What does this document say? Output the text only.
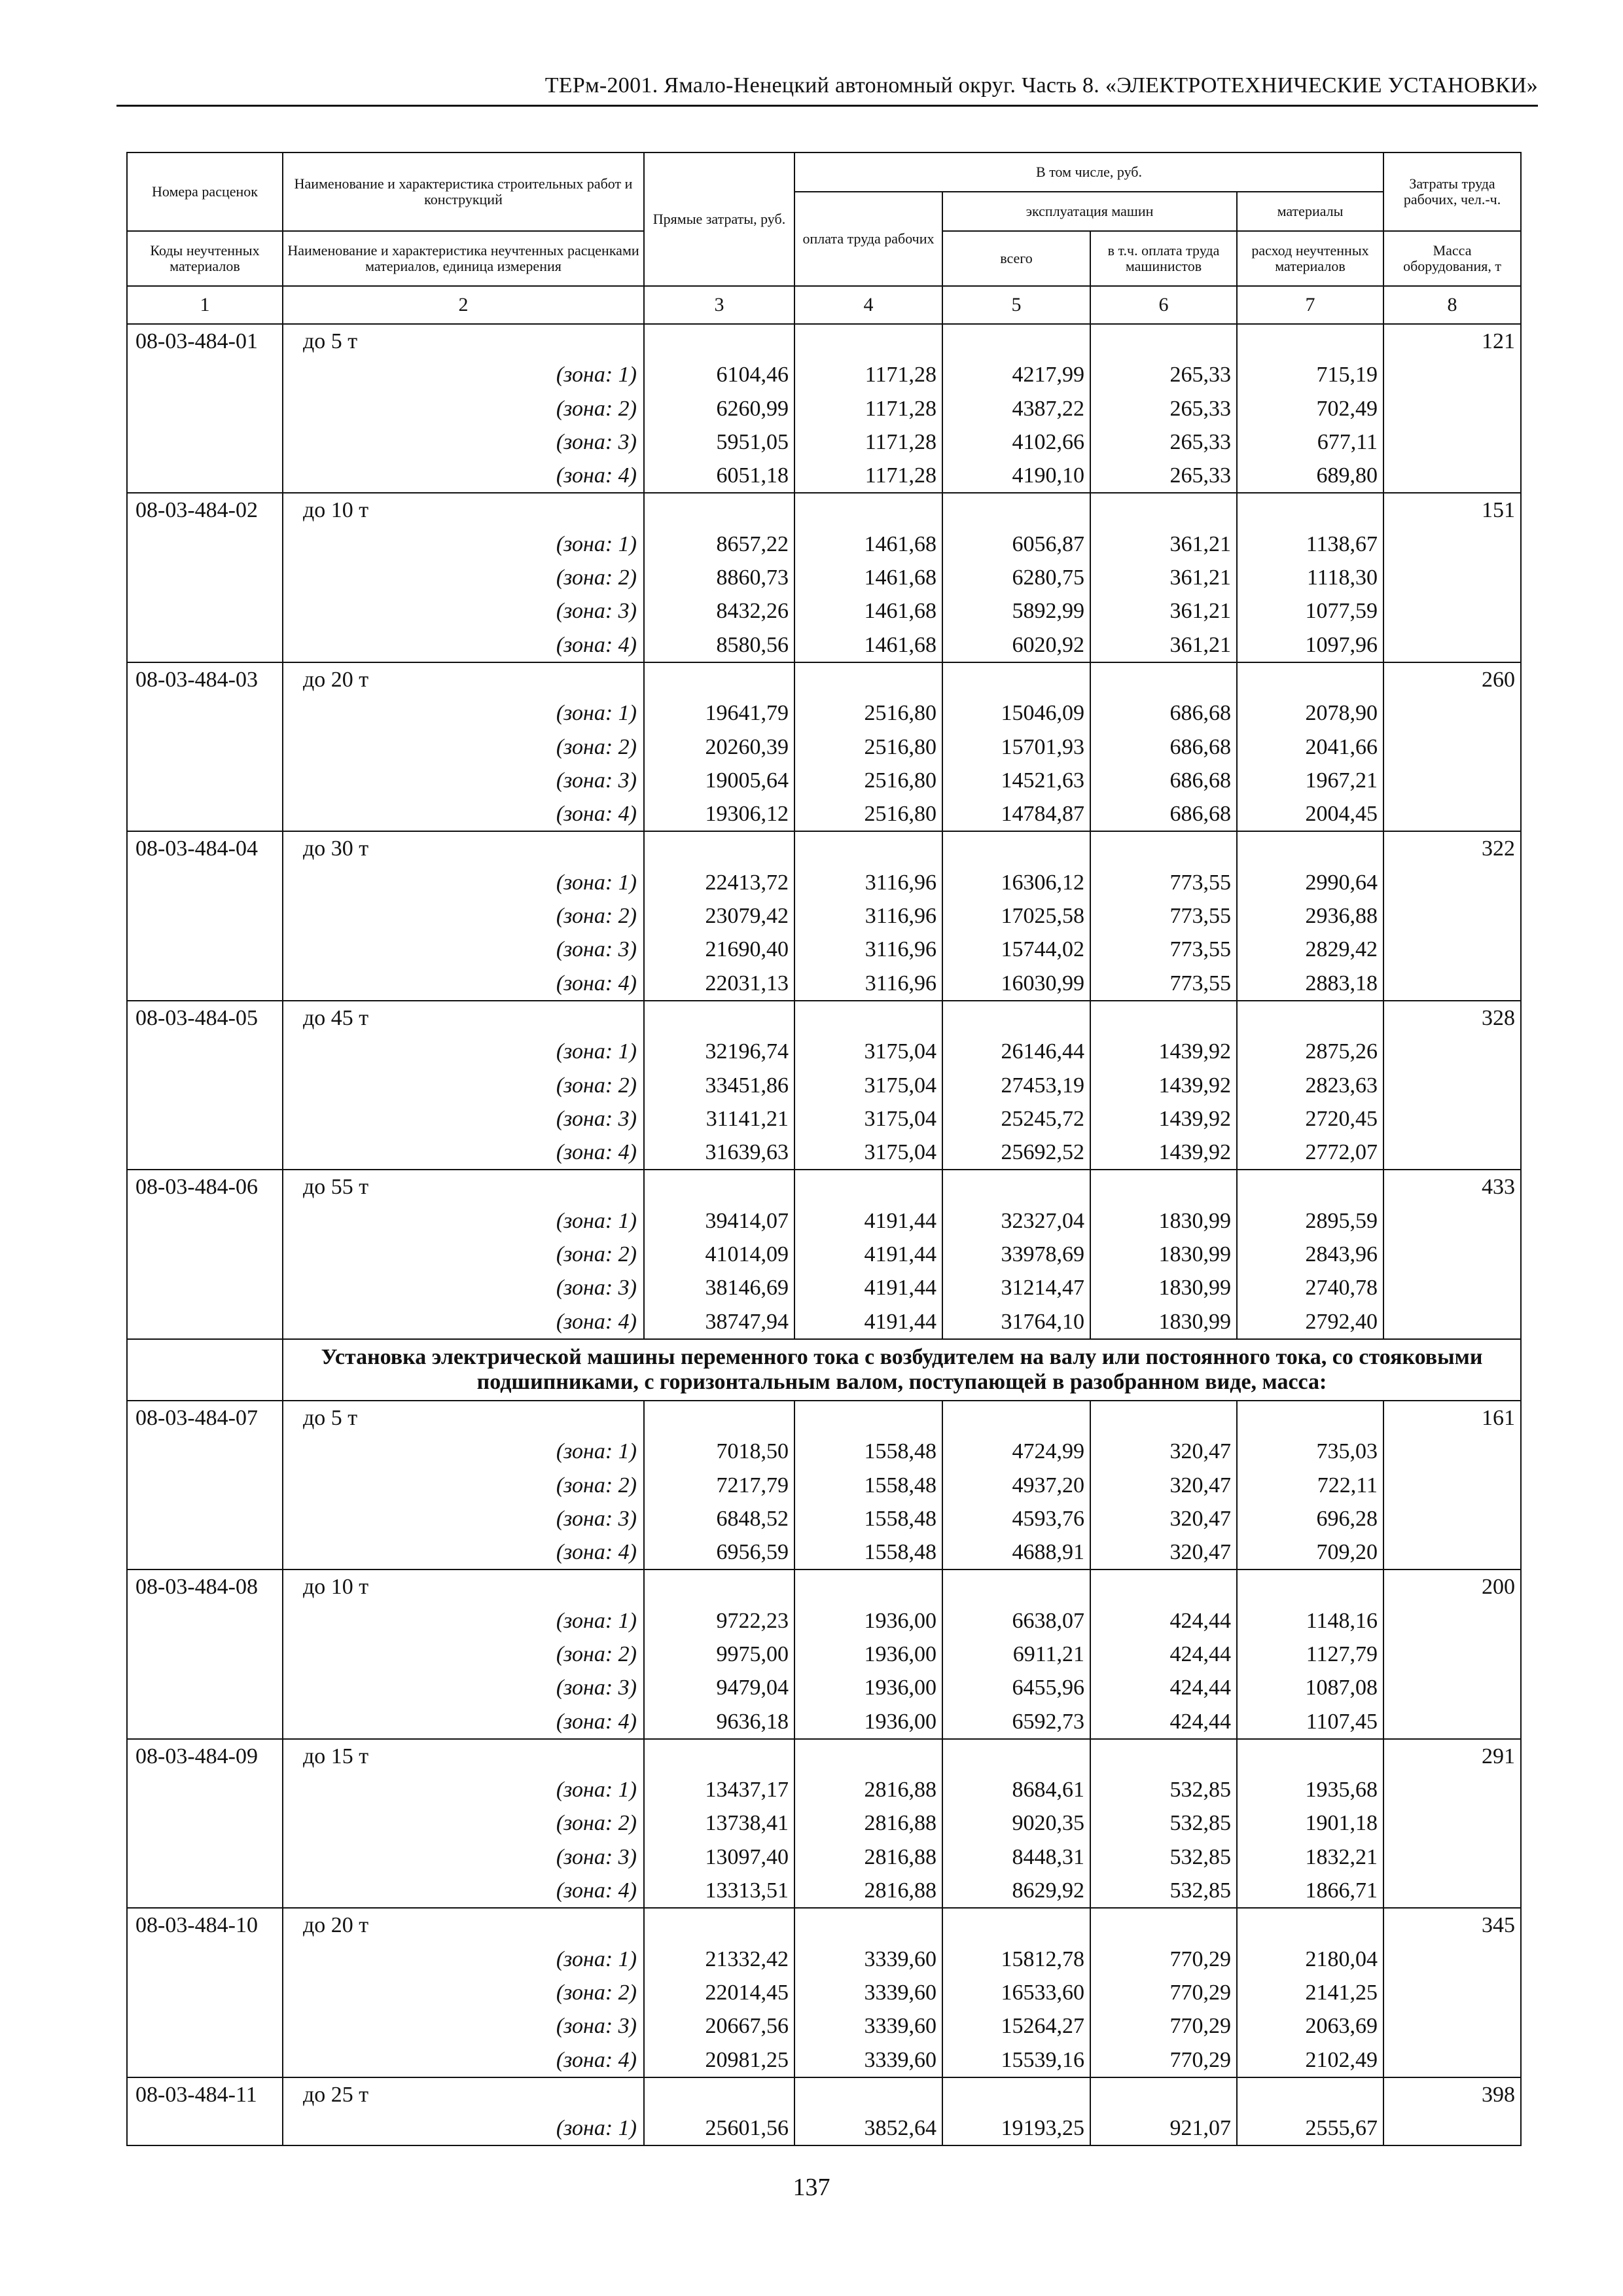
ТЕРм-2001. Ямало-Ненецкий автономный округ. Часть 8. «ЭЛЕКТРОТЕХНИЧЕСКИЕ УСТАНОВКИ»
Номера расценок	Наименование и характеристика строительных работ и конструкций	Прямые затраты, руб.	В том числе, руб.				Затраты труда рабочих, чел.-ч.
			оплата труда рабочих	эксплуатация машин		материалы	
Коды неучтенных материалов	Наименование и характеристика неучтенных расценками материалов, единица измерения			всего	в т.ч. оплата труда машинистов	расход неучтенных материалов	Масса оборудования, т
1	2	3	4	5	6	7	8
08-03-484-01	до 5 т						121
	(зона: 1)	6104,46	1171,28	4217,99	265,33	715,19	
	(зона: 2)	6260,99	1171,28	4387,22	265,33	702,49	
	(зона: 3)	5951,05	1171,28	4102,66	265,33	677,11	
	(зона: 4)	6051,18	1171,28	4190,10	265,33	689,80	
08-03-484-02	до 10 т						151
	(зона: 1)	8657,22	1461,68	6056,87	361,21	1138,67	
	(зона: 2)	8860,73	1461,68	6280,75	361,21	1118,30	
	(зона: 3)	8432,26	1461,68	5892,99	361,21	1077,59	
	(зона: 4)	8580,56	1461,68	6020,92	361,21	1097,96	
08-03-484-03	до 20 т						260
	(зона: 1)	19641,79	2516,80	15046,09	686,68	2078,90	
	(зона: 2)	20260,39	2516,80	15701,93	686,68	2041,66	
	(зона: 3)	19005,64	2516,80	14521,63	686,68	1967,21	
	(зона: 4)	19306,12	2516,80	14784,87	686,68	2004,45	
08-03-484-04	до 30 т						322
	(зона: 1)	22413,72	3116,96	16306,12	773,55	2990,64	
	(зона: 2)	23079,42	3116,96	17025,58	773,55	2936,88	
	(зона: 3)	21690,40	3116,96	15744,02	773,55	2829,42	
	(зона: 4)	22031,13	3116,96	16030,99	773,55	2883,18	
08-03-484-05	до 45 т						328
	(зона: 1)	32196,74	3175,04	26146,44	1439,92	2875,26	
	(зона: 2)	33451,86	3175,04	27453,19	1439,92	2823,63	
	(зона: 3)	31141,21	3175,04	25245,72	1439,92	2720,45	
	(зона: 4)	31639,63	3175,04	25692,52	1439,92	2772,07	
08-03-484-06	до 55 т						433
	(зона: 1)	39414,07	4191,44	32327,04	1830,99	2895,59	
	(зона: 2)	41014,09	4191,44	33978,69	1830,99	2843,96	
	(зона: 3)	38146,69	4191,44	31214,47	1830,99	2740,78	
	(зона: 4)	38747,94	4191,44	31764,10	1830,99	2792,40	
	Установка электрической машины переменного тока с возбудителем на валу или постоянного тока, со стояковыми подшипниками, с горизонтальным валом, поступающей в разобранном виде, масса:						
08-03-484-07	до 5 т						161
	(зона: 1)	7018,50	1558,48	4724,99	320,47	735,03	
	(зона: 2)	7217,79	1558,48	4937,20	320,47	722,11	
	(зона: 3)	6848,52	1558,48	4593,76	320,47	696,28	
	(зона: 4)	6956,59	1558,48	4688,91	320,47	709,20	
08-03-484-08	до 10 т						200
	(зона: 1)	9722,23	1936,00	6638,07	424,44	1148,16	
	(зона: 2)	9975,00	1936,00	6911,21	424,44	1127,79	
	(зона: 3)	9479,04	1936,00	6455,96	424,44	1087,08	
	(зона: 4)	9636,18	1936,00	6592,73	424,44	1107,45	
08-03-484-09	до 15 т						291
	(зона: 1)	13437,17	2816,88	8684,61	532,85	1935,68	
	(зона: 2)	13738,41	2816,88	9020,35	532,85	1901,18	
	(зона: 3)	13097,40	2816,88	8448,31	532,85	1832,21	
	(зона: 4)	13313,51	2816,88	8629,92	532,85	1866,71	
08-03-484-10	до 20 т						345
	(зона: 1)	21332,42	3339,60	15812,78	770,29	2180,04	
	(зона: 2)	22014,45	3339,60	16533,60	770,29	2141,25	
	(зона: 3)	20667,56	3339,60	15264,27	770,29	2063,69	
	(зона: 4)	20981,25	3339,60	15539,16	770,29	2102,49	
08-03-484-11	до 25 т						398
	(зона: 1)	25601,56	3852,64	19193,25	921,07	2555,67	
137
